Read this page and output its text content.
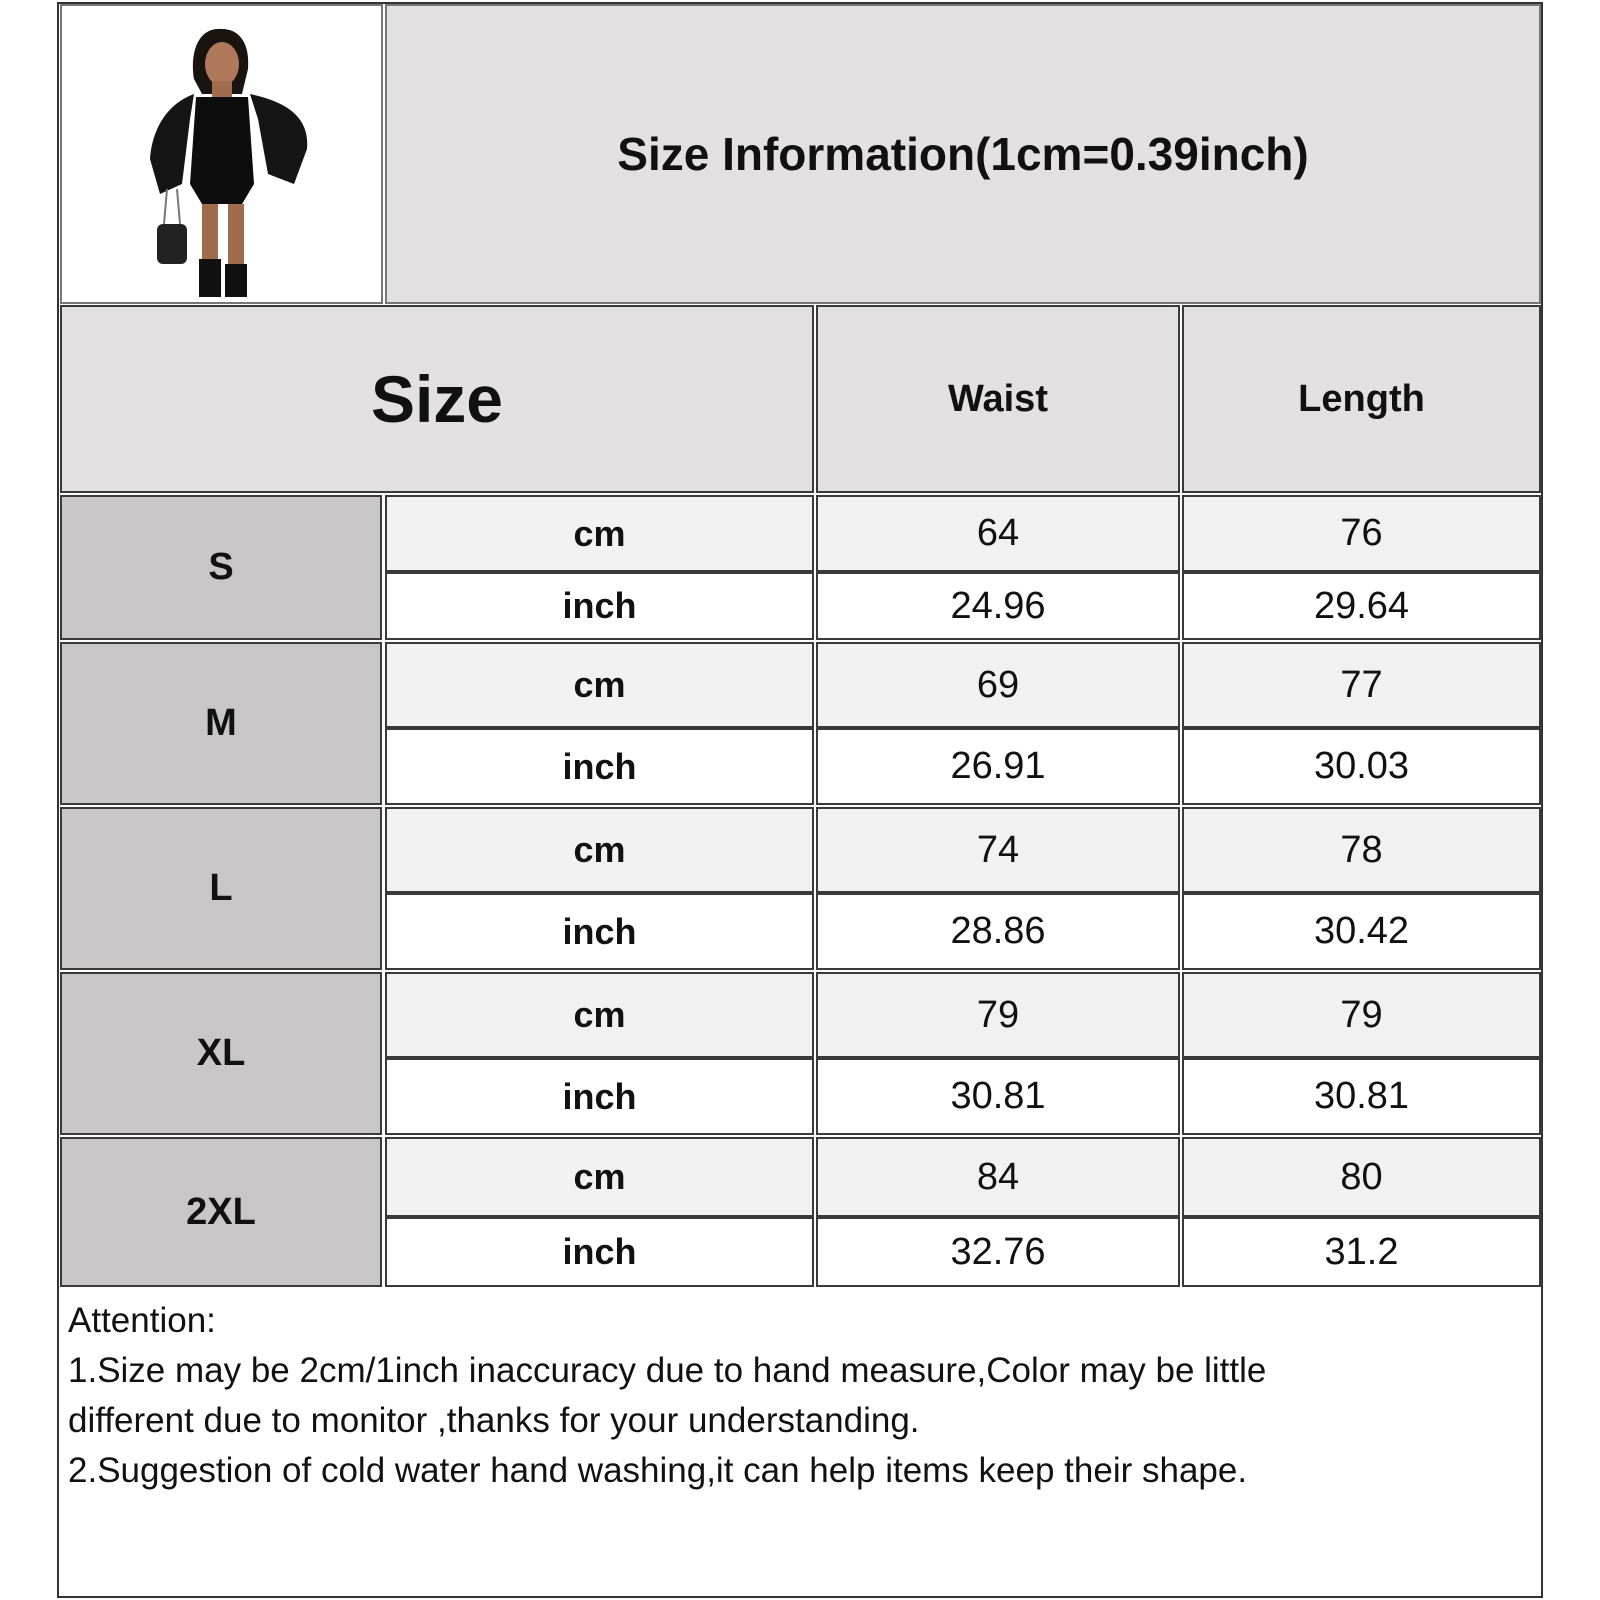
Size Information(1cm=0.39inch)
Size	Waist	Length
S
cm	64	76
inch	24.96	29.64
M
cm	69	77
inch	26.91	30.03
L
cm	74	78
inch	28.86	30.42
XL
cm	79	79
inch	30.81	30.81
2XL
cm	84	80
inch	32.76	31.2
Attention:
1.Size may be 2cm/1inch inaccuracy due to hand measure,Color may be little
different due to monitor ,thanks for your understanding.
2.Suggestion of cold water hand washing,it can help items keep their shape.
